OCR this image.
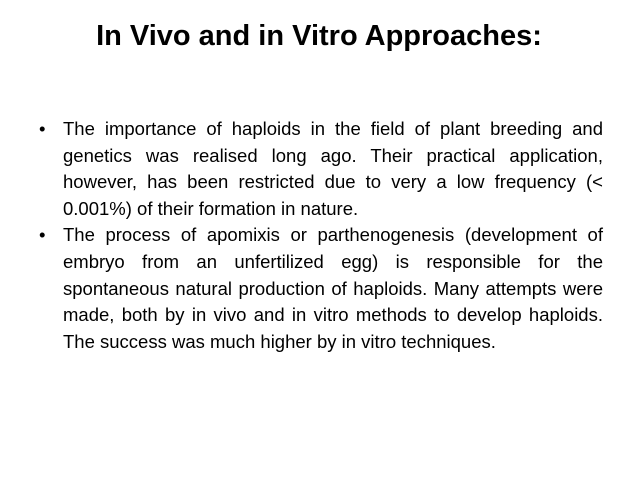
In Vivo and in Vitro Approaches:
• The importance of haploids in the field of plant breeding and genetics was realised long ago. Their practical application, however, has been restricted due to very a low frequency (< 0.001%) of their formation in nature.
• The process of apomixis or parthenogenesis (development of embryo from an unfertilized egg) is responsible for the spontaneous natural production of haploids. Many attempts were made, both by in vivo and in vitro methods to develop haploids. The success was much higher by in vitro techniques.
